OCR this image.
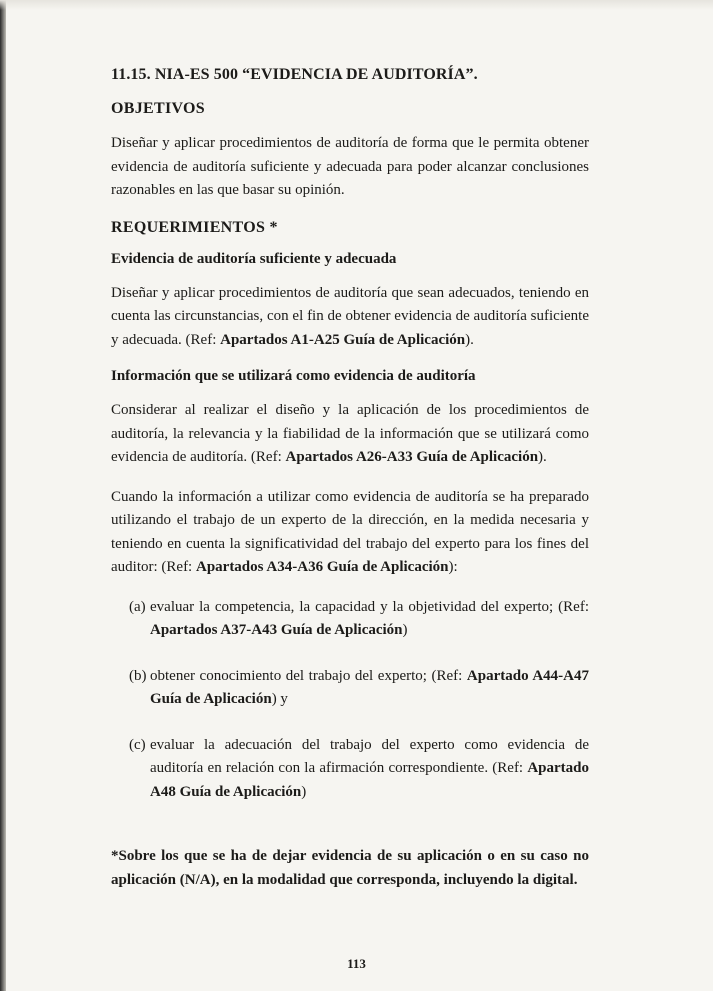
11.15. NIA-ES 500 “EVIDENCIA DE AUDITORÍA”.
OBJETIVOS

Diseñar y aplicar procedimientos de auditoría de forma que le permita obtener evidencia de auditoría suficiente y adecuada para poder alcanzar conclusiones razonables en las que basar su opinión.

REQUERIMIENTOS *
Evidencia de auditoría suficiente y adecuada

Diseñar y aplicar procedimientos de auditoría que sean adecuados, teniendo en cuenta las circunstancias, con el fin de obtener evidencia de auditoría suficiente y adecuada. (Ref: Apartados A1-A25 Guía de Aplicación).

Información que se utilizará como evidencia de auditoría

Considerar al realizar el diseño y la aplicación de los procedimientos de auditoría, la relevancia y la fiabilidad de la información que se utilizará como evidencia de auditoría. (Ref: Apartados A26-A33 Guía de Aplicación).

Cuando la información a utilizar como evidencia de auditoría se ha preparado utilizando el trabajo de un experto de la dirección, en la medida necesaria y teniendo en cuenta la significatividad del trabajo del experto para los fines del auditor: (Ref: Apartados A34-A36 Guía de Aplicación):

(a) evaluar la competencia, la capacidad y la objetividad del experto; (Ref: Apartados A37-A43 Guía de Aplicación)
(b) obtener conocimiento del trabajo del experto; (Ref: Apartado A44-A47 Guía de Aplicación) y
(c) evaluar la adecuación del trabajo del experto como evidencia de auditoría en relación con la afirmación correspondiente. (Ref: Apartado A48 Guía de Aplicación)
*Sobre los que se ha de dejar evidencia de su aplicación o en su caso no aplicación (N/A), en la modalidad que corresponda, incluyendo la digital.
113
